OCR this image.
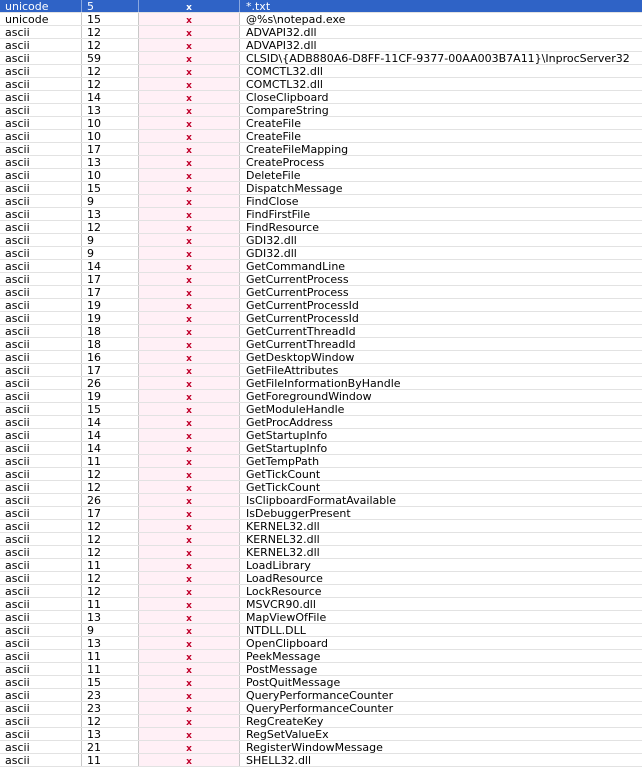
unicode	5	x	*.txt
unicode	15	x	@%s\notepad.exe
ascii	12	x	ADVAPI32.dll
ascii	12	x	ADVAPI32.dll
ascii	59	x	CLSID\{ADB880A6-D8FF-11CF-9377-00AA003B7A11}\InprocServer32
ascii	12	x	COMCTL32.dll
ascii	12	x	COMCTL32.dll
ascii	14	x	CloseClipboard
ascii	13	x	CompareString
ascii	10	x	CreateFile
ascii	10	x	CreateFile
ascii	17	x	CreateFileMapping
ascii	13	x	CreateProcess
ascii	10	x	DeleteFile
ascii	15	x	DispatchMessage
ascii	9	x	FindClose
ascii	13	x	FindFirstFile
ascii	12	x	FindResource
ascii	9	x	GDI32.dll
ascii	9	x	GDI32.dll
ascii	14	x	GetCommandLine
ascii	17	x	GetCurrentProcess
ascii	17	x	GetCurrentProcess
ascii	19	x	GetCurrentProcessId
ascii	19	x	GetCurrentProcessId
ascii	18	x	GetCurrentThreadId
ascii	18	x	GetCurrentThreadId
ascii	16	x	GetDesktopWindow
ascii	17	x	GetFileAttributes
ascii	26	x	GetFileInformationByHandle
ascii	19	x	GetForegroundWindow
ascii	15	x	GetModuleHandle
ascii	14	x	GetProcAddress
ascii	14	x	GetStartupInfo
ascii	14	x	GetStartupInfo
ascii	11	x	GetTempPath
ascii	12	x	GetTickCount
ascii	12	x	GetTickCount
ascii	26	x	IsClipboardFormatAvailable
ascii	17	x	IsDebuggerPresent
ascii	12	x	KERNEL32.dll
ascii	12	x	KERNEL32.dll
ascii	12	x	KERNEL32.dll
ascii	11	x	LoadLibrary
ascii	12	x	LoadResource
ascii	12	x	LockResource
ascii	11	x	MSVCR90.dll
ascii	13	x	MapViewOfFile
ascii	9	x	NTDLL.DLL
ascii	13	x	OpenClipboard
ascii	11	x	PeekMessage
ascii	11	x	PostMessage
ascii	15	x	PostQuitMessage
ascii	23	x	QueryPerformanceCounter
ascii	23	x	QueryPerformanceCounter
ascii	12	x	RegCreateKey
ascii	13	x	RegSetValueEx
ascii	21	x	RegisterWindowMessage
ascii	11	x	SHELL32.dll
